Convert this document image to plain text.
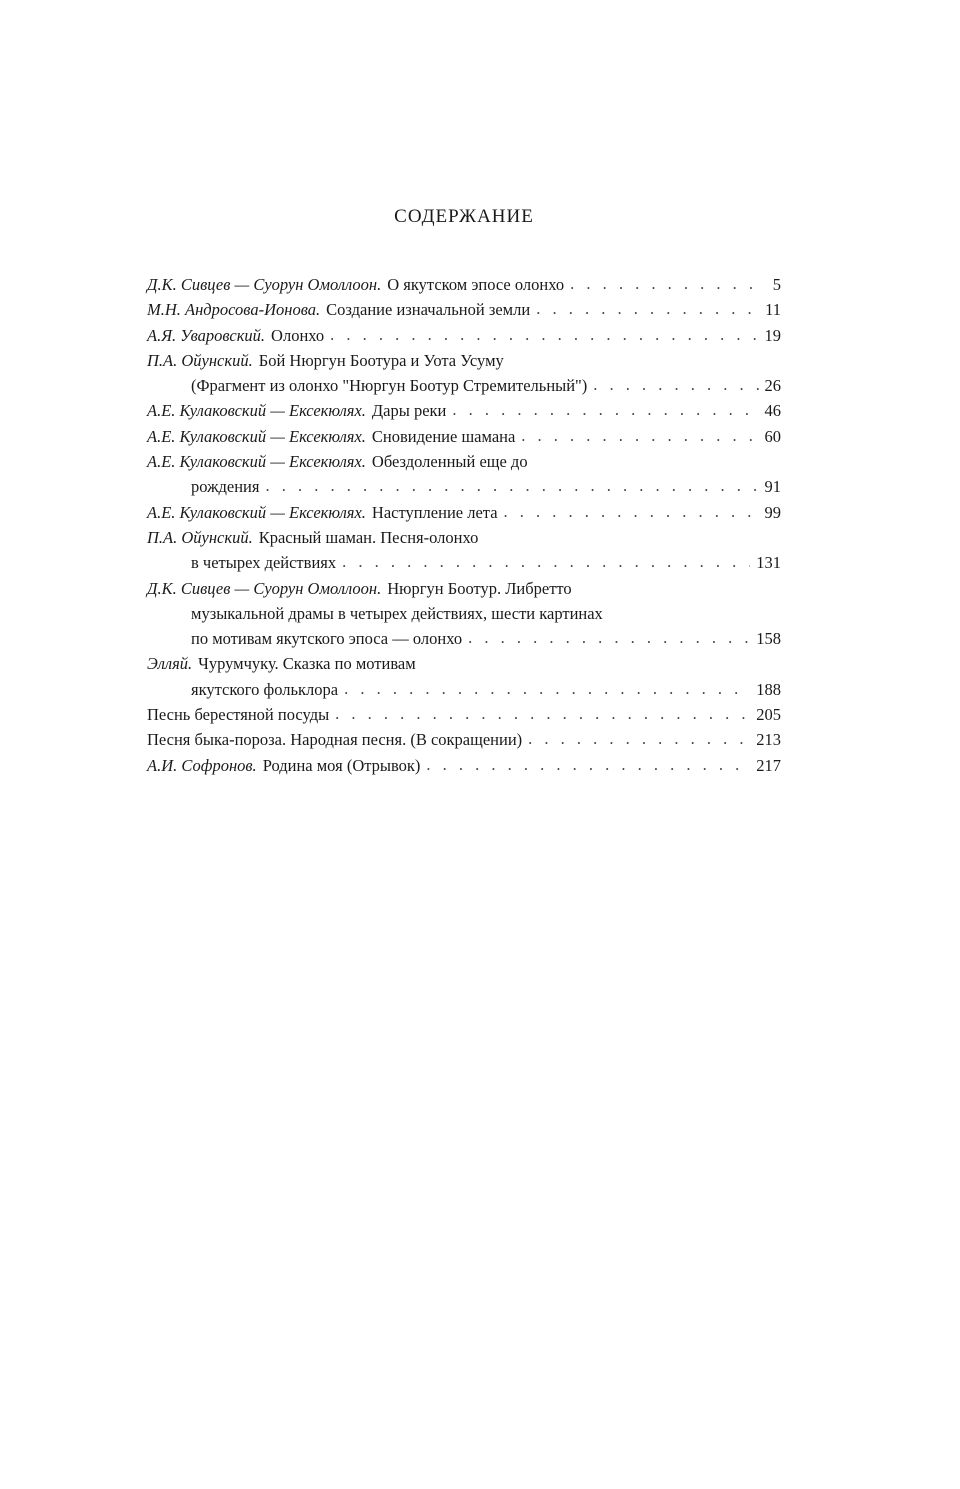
СОДЕРЖАНИЕ
Д.К. Сивцев — Суорун Омоллоон. О якутском эпосе олонхо . . .	5
М.Н. Андросова-Ионова. Создание изначальной земли . . .	11
А.Я. Уваровский. Олонхо . . .	19
П.А. Ойунский. Бой Нюргун Боотура и Уота Усуму
(Фрагмент из олонхо "Нюргун Боотур Стремительный") . . .	26
А.Е. Кулаковский — Ексекюлях. Дары реки . . .	46
А.Е. Кулаковский — Ексекюлях. Сновидение шамана . . .	60
А.Е. Кулаковский — Ексекюлях. Обездоленный еще до
рождения . . .	91
А.Е. Кулаковский — Ексекюлях. Наступление лета . . .	99
П.А. Ойунский. Красный шаман. Песня-олонхо
в четырех действиях . . .	131
Д.К. Сивцев — Суорун Омоллоон. Нюргун Боотур. Либретто
музыкальной драмы в четырех действиях, шести картинах
по мотивам якутского эпоса — олонхо . . .	158
Элляй. Чурумчуку. Сказка по мотивам
якутского фольклора . . .	188
Песнь берестяной посуды . . .	205
Песня быка-пороза. Народная песня. (В сокращении) . . .	213
А.И. Софронов. Родина моя (Отрывок) . . .	217
